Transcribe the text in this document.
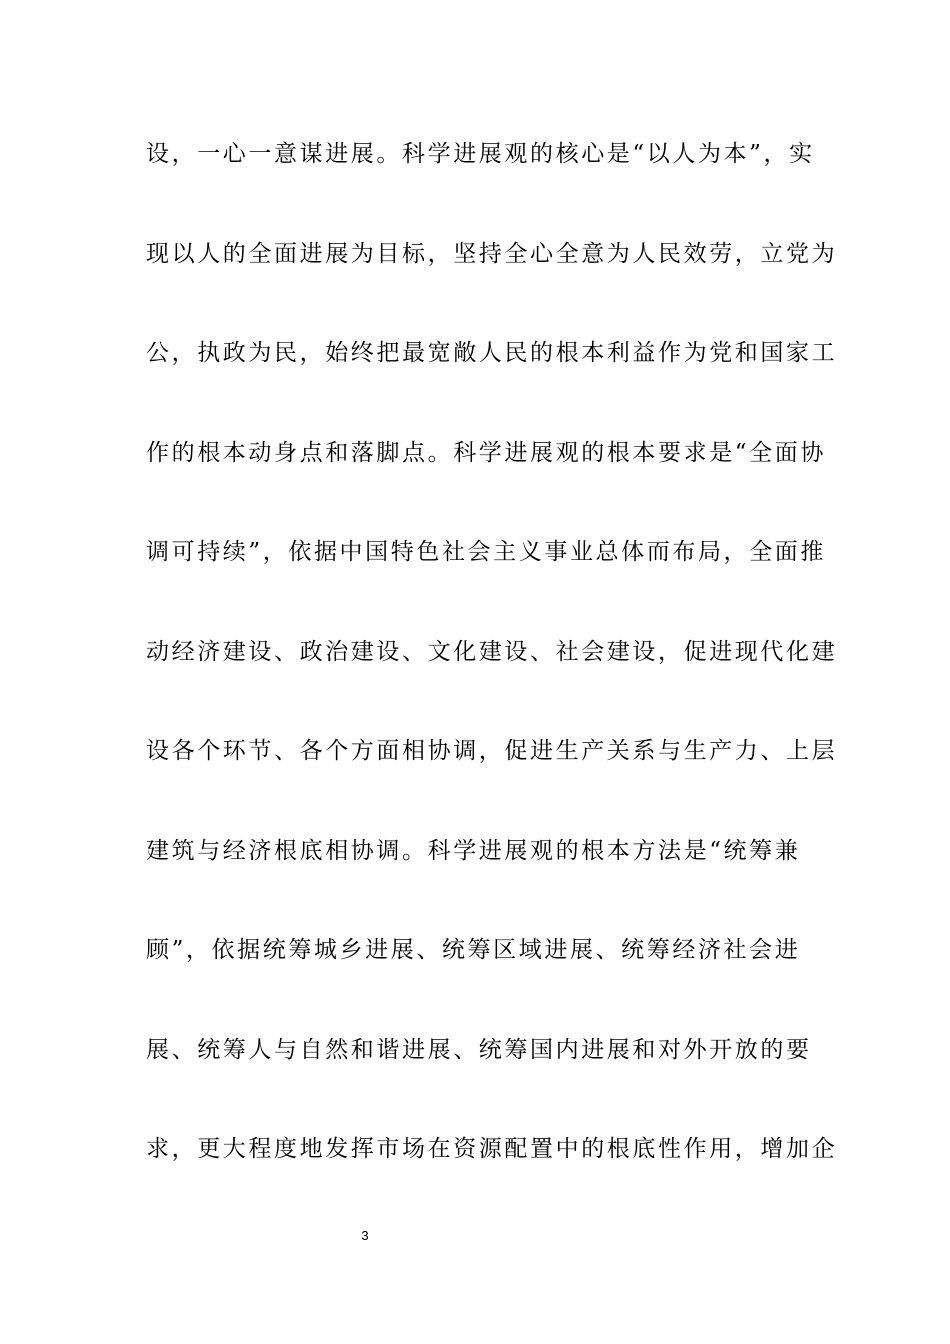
设，一心一意谋进展。科学进展观的核心是“以人为本”，实
现以人的全面进展为目标，坚持全心全意为人民效劳，立党为
公，执政为民，始终把最宽敞人民的根本利益作为党和国家工
作的根本动身点和落脚点。科学进展观的根本要求是“全面协
调可持续”，依据中国特色社会主义事业总体而布局，全面推
动经济建设、政治建设、文化建设、社会建设，促进现代化建
设各个环节、各个方面相协调，促进生产关系与生产力、上层
建筑与经济根底相协调。科学进展观的根本方法是“统筹兼
顾”，依据统筹城乡进展、统筹区域进展、统筹经济社会进
展、统筹人与自然和谐进展、统筹国内进展和对外开放的要
求，更大程度地发挥市场在资源配置中的根底性作用，增加企
3
